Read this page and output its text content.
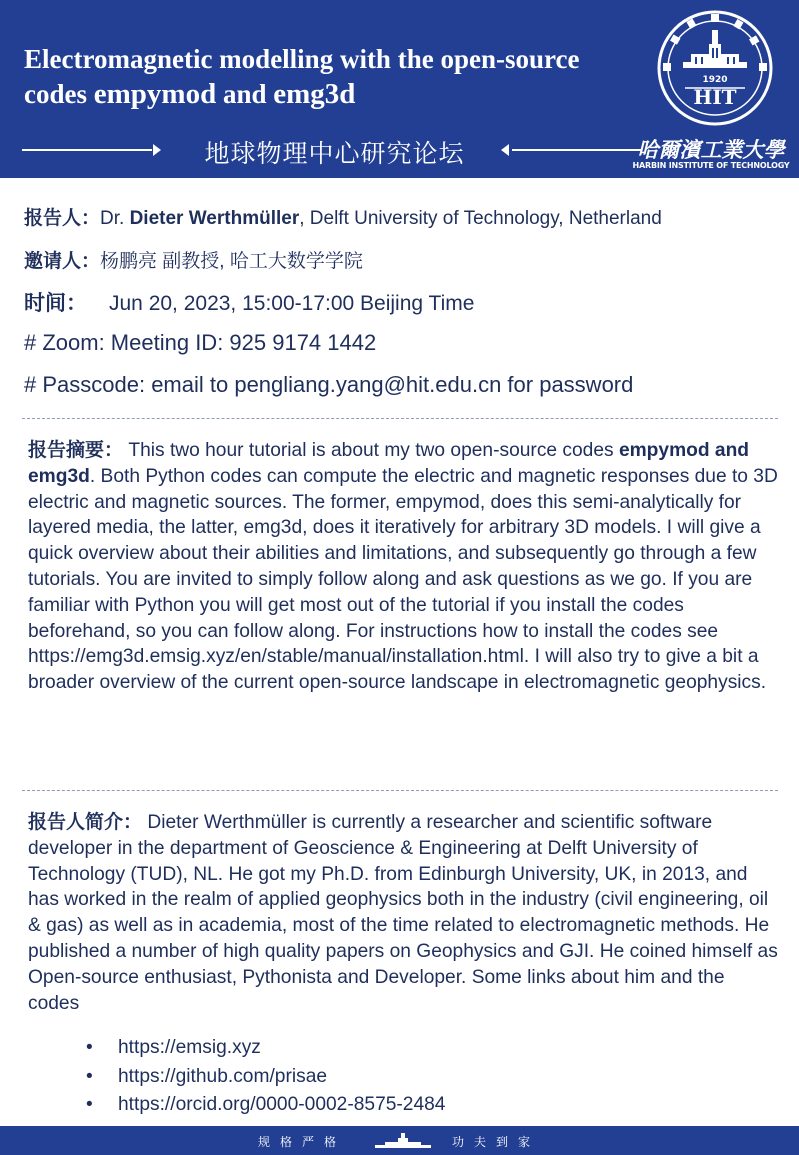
Electromagnetic modelling with the open-source
codes empymod and emg3d
地球物理中心研究论坛
1920
HIT
哈爾濱工業大學
HARBIN INSTITUTE OF TECHNOLOGY
报告人：Dr. Dieter Werthmüller, Delft University of Technology, Netherland
邀请人：杨鹏亮 副教授, 哈工大数学学院
时间： Jun 20, 2023, 15:00-17:00 Beijing Time
# Zoom: Meeting ID: 925 9174 1442
# Passcode: email to pengliang.yang@hit.edu.cn for password
报告摘要： This two hour tutorial is about my two open-source codes empymod and emg3d. Both Python codes can compute the electric and magnetic responses due to 3D electric and magnetic sources. The former, empymod, does this semi-analytically for layered media, the latter, emg3d, does it iteratively for arbitrary 3D models. I will give a quick overview about their abilities and limitations, and subsequently go through a few tutorials. You are invited to simply follow along and ask questions as we go. If you are familiar with Python you will get most out of the tutorial if you install the codes beforehand, so you can follow along. For instructions how to install the codes see https://emg3d.emsig.xyz/en/stable/manual/installation.html. I will also try to give a bit a broader overview of the current open-source landscape in electromagnetic geophysics.
报告人简介： Dieter Werthmüller is currently a researcher and scientific software developer in the department of Geoscience & Engineering at Delft University of Technology (TUD), NL. He got my Ph.D. from Edinburgh University, UK, in 2013, and has worked in the realm of applied geophysics both in the industry (civil engineering, oil & gas) as well as in academia, most of the time related to electromagnetic methods. He published a number of high quality papers on Geophysics and GJI. He coined himself as Open-source enthusiast, Pythonista and Developer. Some links about him and the codes
• https://emsig.xyz
• https://github.com/prisae
• https://orcid.org/0000-0002-8575-2484
规格严格	功夫到家
